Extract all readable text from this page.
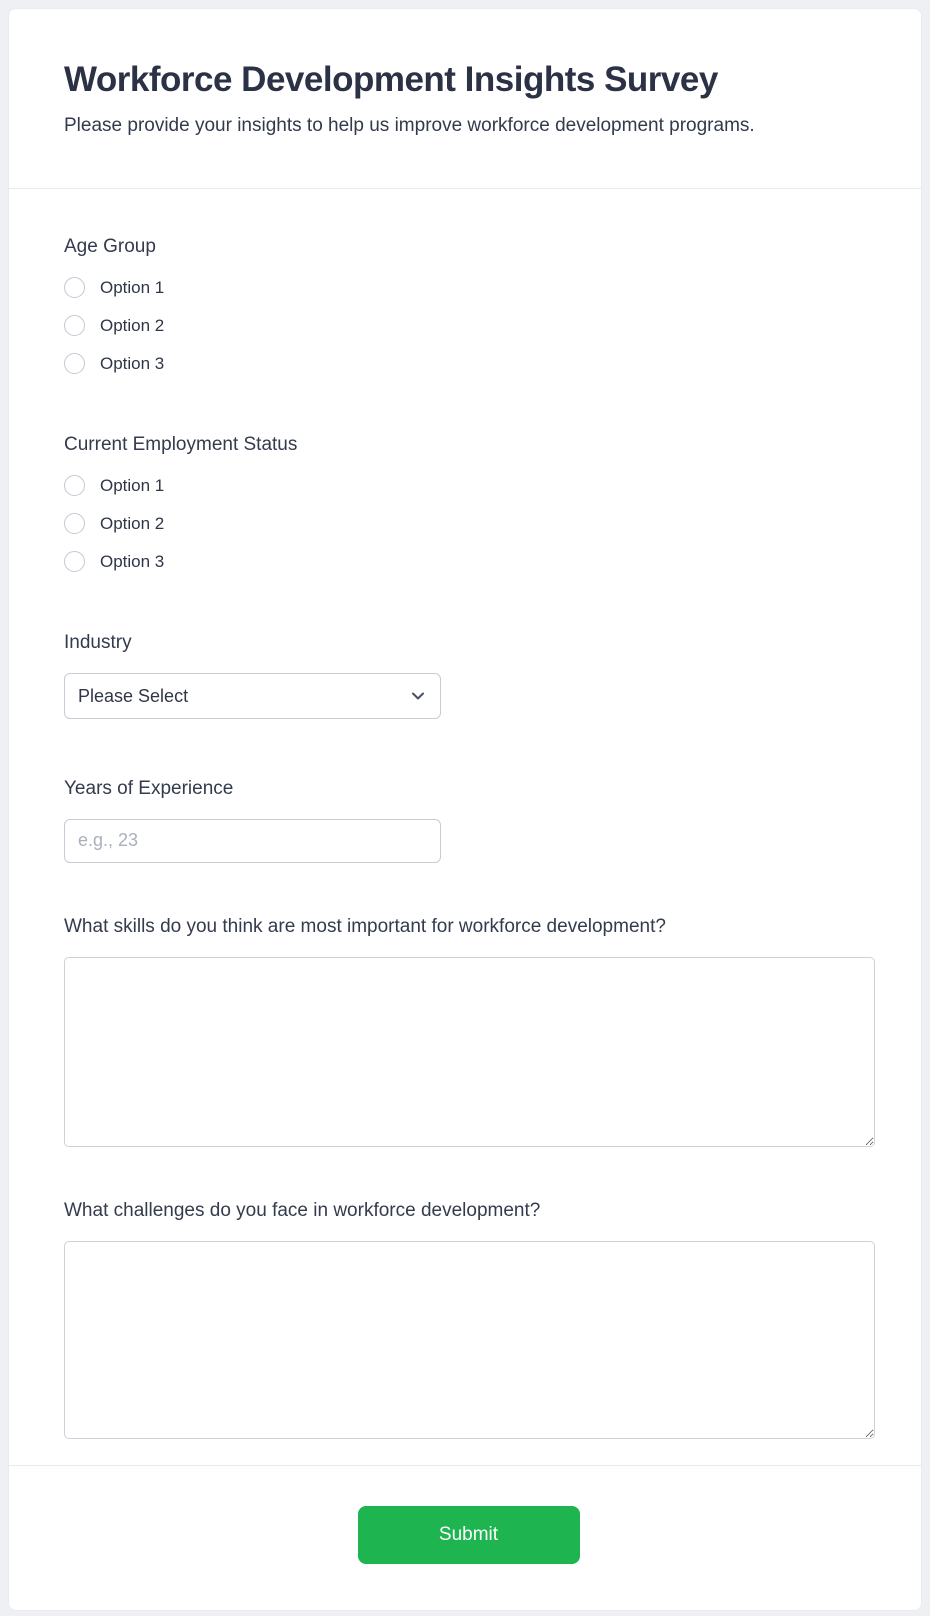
Workforce Development Insights Survey

Please provide your insights to help us improve workforce development programs.

Age Group
Option 1
Option 2
Option 3
Current Employment Status
Option 1
Option 2
Option 3
Industry
Please Select
Years of Experience
e.g., 23
What skills do you think are most important for workforce development?
What challenges do you face in workforce development?
Submit
